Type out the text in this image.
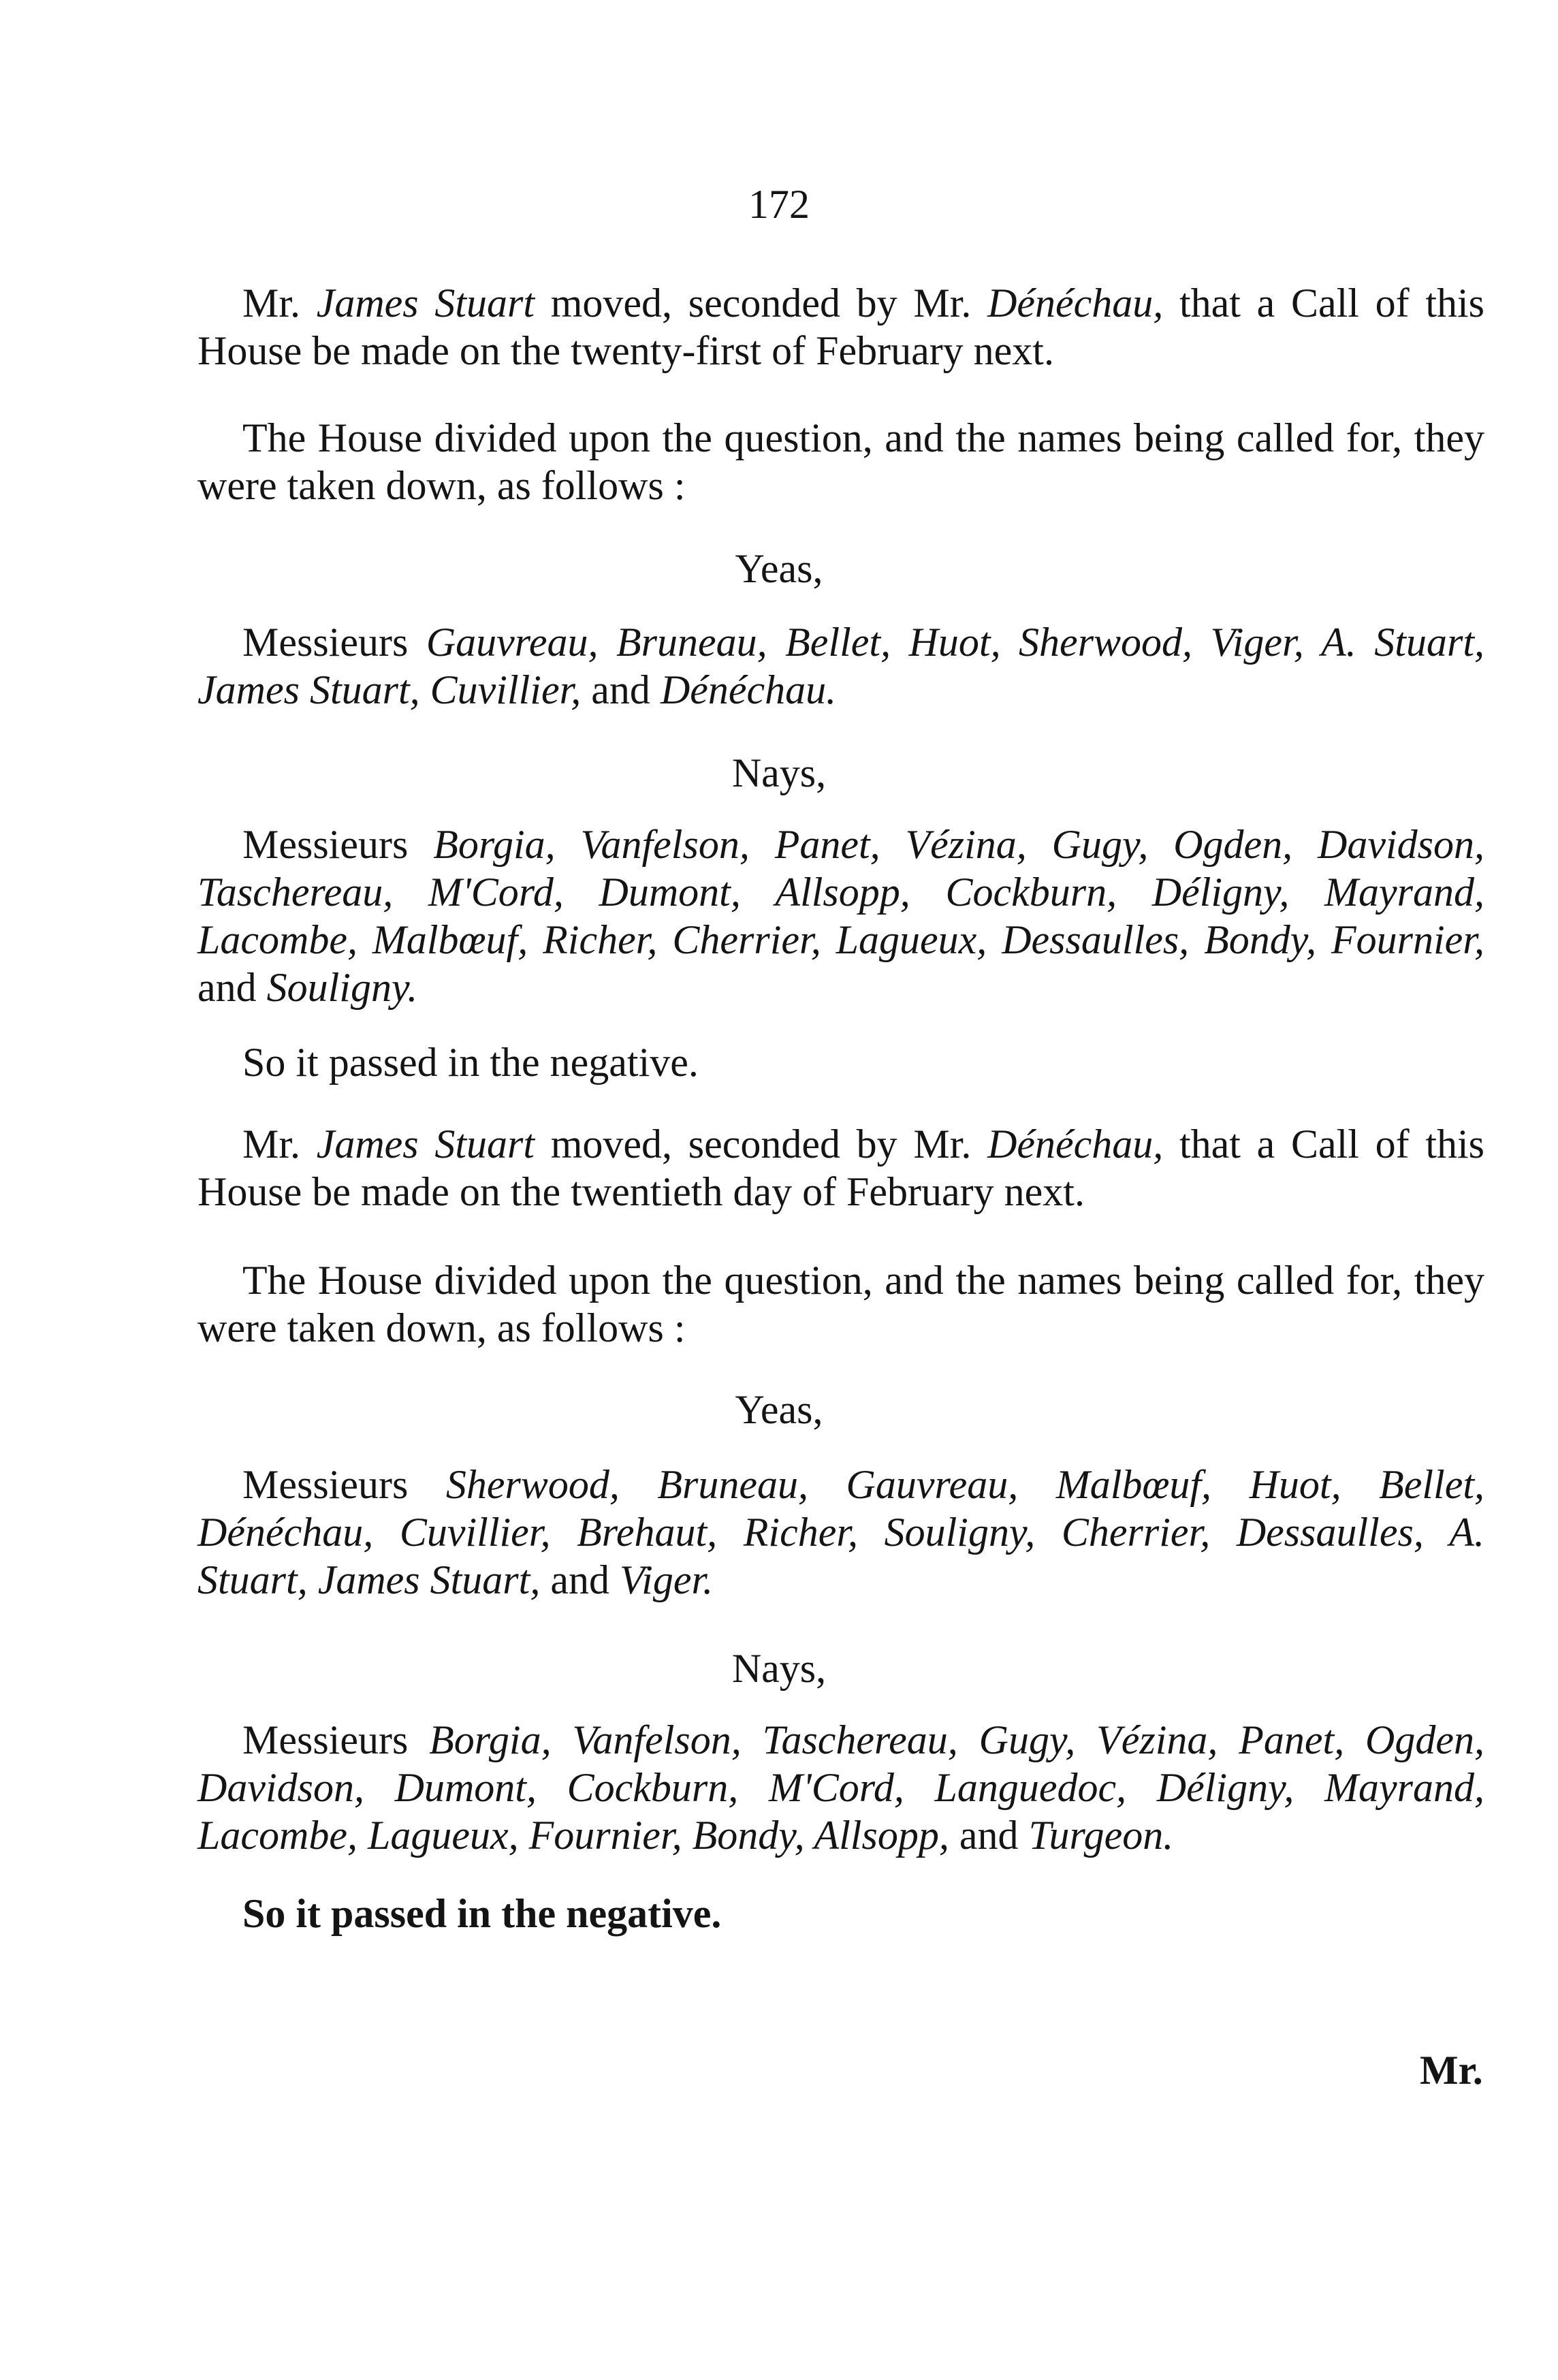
172

Mr. James Stuart moved, seconded by Mr. Dénéchau, that a Call of this House be made on the twenty-first of February next.

The House divided upon the question, and the names being called for, they were taken down, as follows :

Yeas,

Messieurs Gauvreau, Bruneau, Bellet, Huot, Sherwood, Viger, A. Stuart, James Stuart, Cuvillier, and Dénéchau.

Nays,

Messieurs Borgia, Vanfelson, Panet, Vézina, Gugy, Ogden, Davidson, Taschereau, M'Cord, Dumont, Allsopp, Cockburn, Déligny, Mayrand, Lacombe, Malbœuf, Richer, Cherrier, Lagueux, Dessaulles, Bondy, Fournier, and Souligny.

So it passed in the negative.

Mr. James Stuart moved, seconded by Mr. Dénéchau, that a Call of this House be made on the twentieth day of February next.

The House divided upon the question, and the names being called for, they were taken down, as follows :

Yeas,

Messieurs Sherwood, Bruneau, Gauvreau, Malbœuf, Huot, Bellet, Dénéchau, Cuvillier, Brehaut, Richer, Souligny, Cherrier, Dessaulles, A. Stuart, James Stuart, and Viger.

Nays,

Messieurs Borgia, Vanfelson, Taschereau, Gugy, Vézina, Panet, Ogden, Davidson, Dumont, Cockburn, M'Cord, Languedoc, Déligny, Mayrand, Lacombe, Lagueux, Fournier, Bondy, Allsopp, and Turgeon.

So it passed in the negative.

Mr.
